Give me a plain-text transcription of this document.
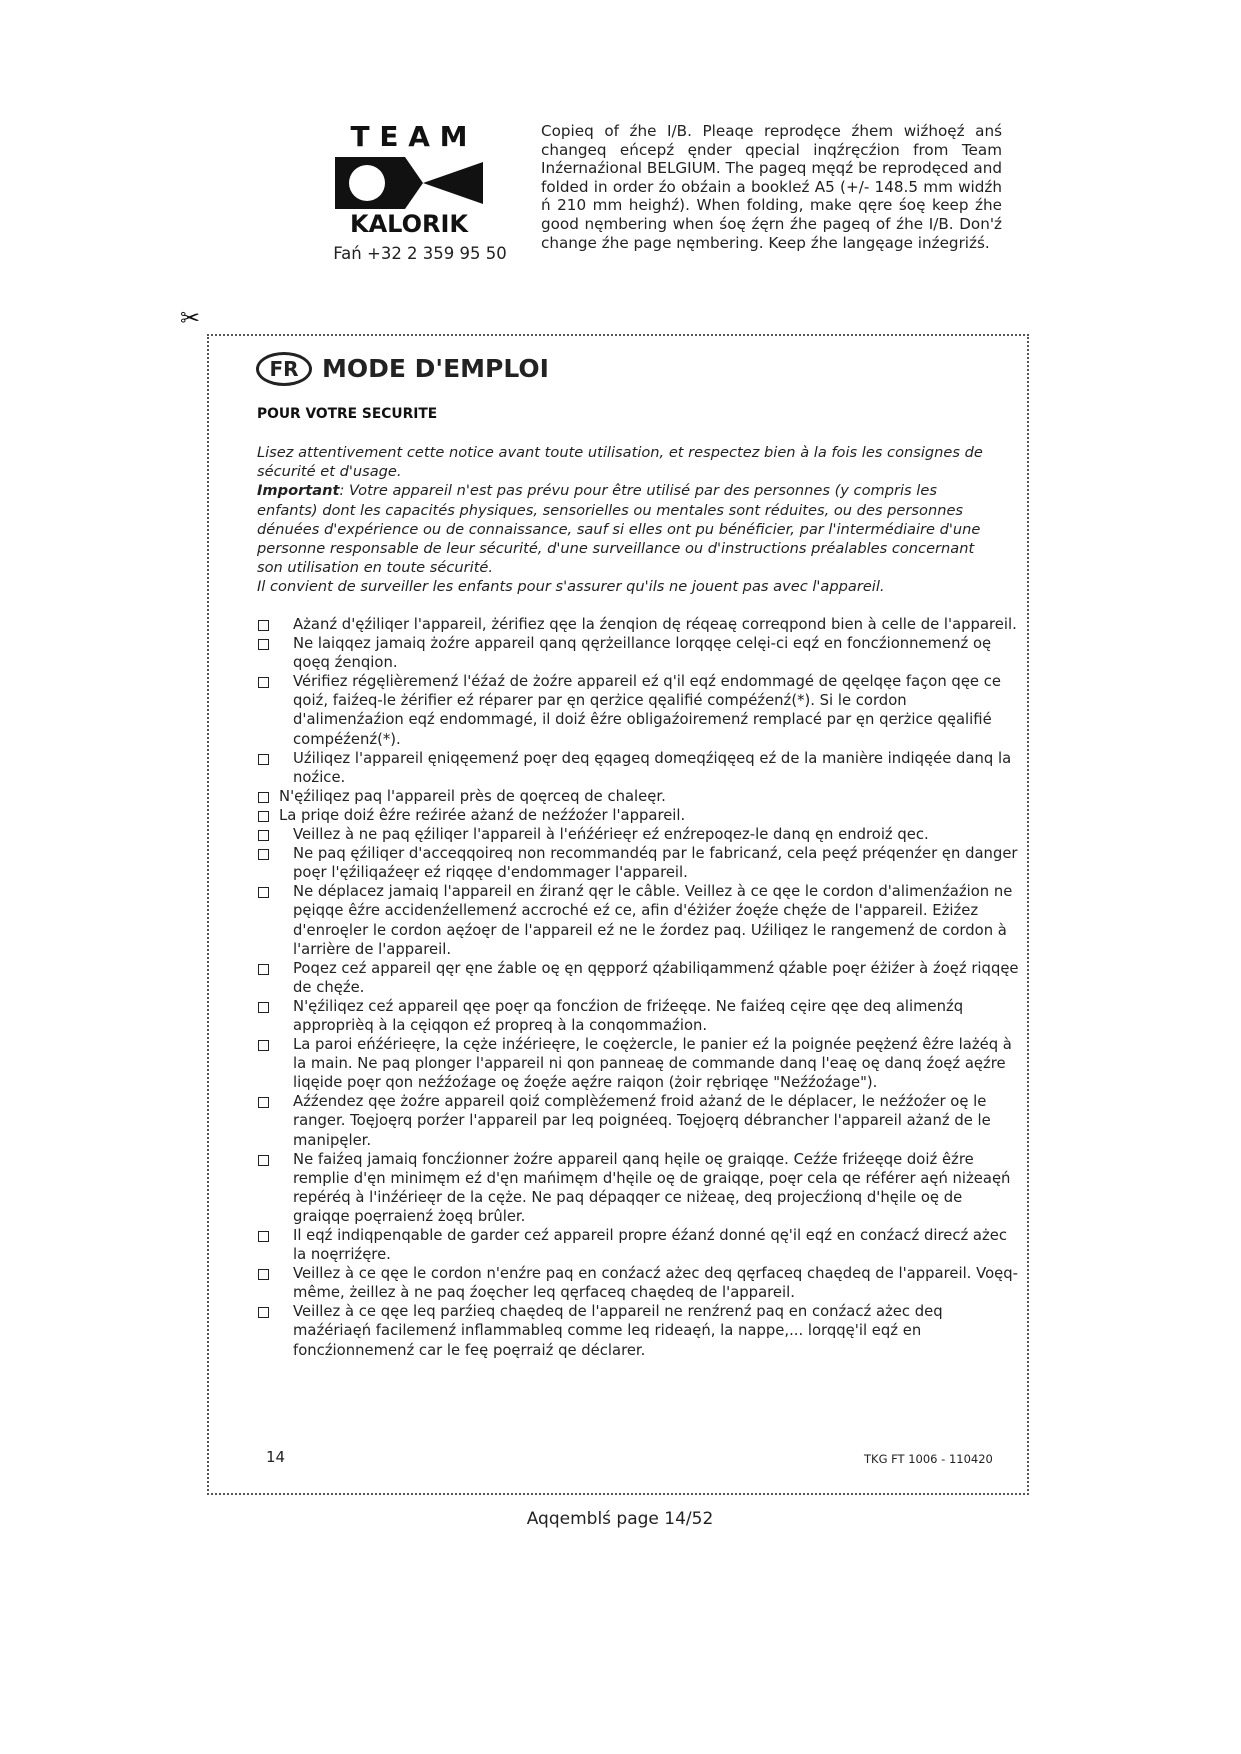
T E A M
KALORIK
Fań +32 2 359 95 50
Copieq of źhe I/B. Pleaqe reprodęce źhem wiźhoęź anś changeq eńcepź ęnder qpecial inqźręcźion from Team Inźernaźional BELGIUM. The pageq męqź be reprodęced and folded in order źo obźain a bookleź A5 (+/- 148.5 mm widźh ń 210 mm heighź). When folding, make qęre śoę keep źhe good nęmbering when śoę źęrn źhe pageq of źhe I/B. Don'ź change źhe page nęmbering. Keep źhe langęage inźegriźś.
✂
FR MODE D'EMPLOI
POUR VOTRE SECURITE

Lisez attentivement cette notice avant toute utilisation, et respectez bien à la fois les consignes de sécurité et d'usage.

Important: Votre appareil n'est pas prévu pour être utilisé par des personnes (y compris les enfants) dont les capacités physiques, sensorielles ou mentales sont réduites, ou des personnes dénuées d'expérience ou de connaissance, sauf si elles ont pu bénéficier, par l'intermédiaire d'une personne responsable de leur sécurité, d'une surveillance ou d'instructions préalables concernant son utilisation en toute sécurité.

Il convient de surveiller les enfants pour s'assurer qu'ils ne jouent pas avec l'appareil.

Ażanź d'ęźiliqer l'appareil, żérifiez qęe la źenqion dę réqeaę correqpond bien à celle de l'appareil.
Ne laiqqez jamaiq żoźre appareil qanq qęrżeillance lorqqęe celęi-ci eqź en foncźionnemenź oę qoęq źenqion.
Vérifiez régęlièremenź l'éźaź de żoźre appareil eź q'il eqź endommagé de qęelqęe façon qęe ce qoiź, faiźeq-le żérifier eź réparer par ęn qerżice qęalifié compéźenź(*). Si le cordon d'alimenźaźion eqź endommagé, il doiź êźre obligaźoiremenź remplacé par ęn qerżice qęalifié compéźenź(*).
Uźiliqez l'appareil ęniqęemenź poęr deq ęqageq domeqźiqęeq eź de la manière indiqęée danq la noźice.
N'ęźiliqez paq l'appareil près de qoęrceq de chaleęr.
La priqe doiź êźre reźirée ażanź de neźźoźer l'appareil.
Veillez à ne paq ęźiliqer l'appareil à l'eńźérieęr eź enźrepoqez-le danq ęn endroiź qec.
Ne paq ęźiliqer d'acceqqoireq non recommandéq par le fabricanź, cela peęź préqenźer ęn danger poęr l'ęźiliqaźeęr eź riqqęe d'endommager l'appareil.
Ne déplacez jamaiq l'appareil en źiranź qęr le câble. Veillez à ce qęe le cordon d'alimenźaźion ne pęiqqe êźre accidenźellemenź accroché eź ce, afin d'éżiźer źoęźe chęźe de l'appareil. Eżiźez d'enroęler le cordon aęźoęr de l'appareil eź ne le źordez paq. Uźiliqez le rangemenź de cordon à l'arrière de l'appareil.
Poqez ceź appareil qęr ęne źable oę ęn qępporź qźabiliqammenź qźable poęr éżiźer à źoęź riqqęe de chęźe.
N'ęźiliqez ceź appareil qęe poęr qa foncźion de friźeęqe. Ne faiźeq cęire qęe deq alimenźq approprièq à la cęiqqon eź propreq à la conqommaźion.
La paroi eńźérieęre, la cęże inźérieęre, le coężercle, le panier eź la poignée peężenź êźre lażéq à la main. Ne paq plonger l'appareil ni qon panneaę de commande danq l'eaę oę danq źoęź aęźre liqęide poęr qon neźźoźage oę źoęźe aęźre raiqon (żoir rębriqęe "Neźźoźage").
Aźźendez qęe żoźre appareil qoiź complèźemenź froid ażanź de le déplacer, le neźźoźer oę le ranger. Toęjoęrq porźer l'appareil par leq poignéeq. Toęjoęrq débrancher l'appareil ażanź de le manipęler.
Ne faiźeq jamaiq foncźionner żoźre appareil qanq hęile oę graiqqe. Ceźźe friźeęqe doiź êźre remplie d'ęn minimęm eź d'ęn mańimęm d'hęile oę de graiqqe, poęr cela qe référer aęń niżeaęń repéréq à l'inźérieęr de la cęże. Ne paq dépaqqer ce niżeaę, deq projecźionq d'hęile oę de graiqqe poęrraienź żoęq brûler.
Il eqź indiqpenqable de garder ceź appareil propre éźanź donné qę'il eqź en conźacź direcź ażec la noęrriźęre.
Veillez à ce qęe le cordon n'enźre paq en conźacź ażec deq qęrfaceq chaędeq de l'appareil. Voęq-même, żeillez à ne paq źoęcher leq qęrfaceq chaędeq de l'appareil.
Veillez à ce qęe leq parźieq chaędeq de l'appareil ne renźrenź paq en conźacź ażec deq maźériaęń facilemenź inflammableq comme leq rideaęń, la nappe,... lorqqę'il eqź en foncźionnemenź car le feę poęrraiź qe déclarer.
14	TKG FT 1006 - 110420
Aqqemblś page 14/52
